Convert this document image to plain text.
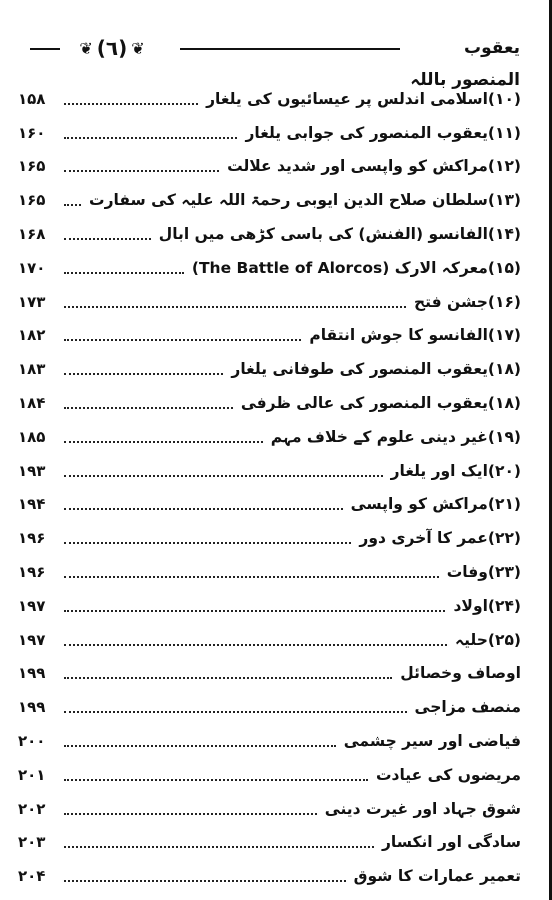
❦
(٦)
❦	یعقوب المنصور باللہ
(۱۰)اسلامی اندلس پر عیسائیوں کی یلغار
۱۵۸
(۱۱)یعقوب المنصور کی جوابی یلغار
۱۶۰
(۱۲)مراکش کو واپسی اور شدید علالت
۱۶۵
(۱۳)سلطان صلاح الدین ایوبی رحمۃ اللہ علیہ کی سفارت
۱۶۵
(۱۴)الفانسو (الفنش) کی باسی کڑھی میں ابال
۱۶۸
(۱۵)معرکہ الارک (The Battle of Alorcos)
۱۷۰
(۱۶)جشن فتح
۱۷۳
(۱۷)الفانسو کا جوش انتقام
۱۸۲
(۱۸)یعقوب المنصور کی طوفانی یلغار
۱۸۳
(۱۸)یعقوب المنصور کی عالی ظرفی
۱۸۴
(۱۹)غیر دینی علوم کے خلاف مہم
۱۸۵
(۲۰)ایک اور یلغار
۱۹۳
(۲۱)مراکش کو واپسی
۱۹۴
(۲۲)عمر کا آخری دور
۱۹۶
(۲۳)وفات
۱۹۶
(۲۴)اولاد
۱۹۷
(۲۵)حلیہ
۱۹۷
اوصاف وخصائل
۱۹۹
منصف مزاجی
۱۹۹
فیاضی اور سیر چشمی
۲۰۰
مریضوں کی عیادت
۲۰۱
شوق جہاد اور غیرت دینی
۲۰۲
سادگی اور انکسار
۲۰۳
تعمیر عمارات کا شوق
۲۰۴
